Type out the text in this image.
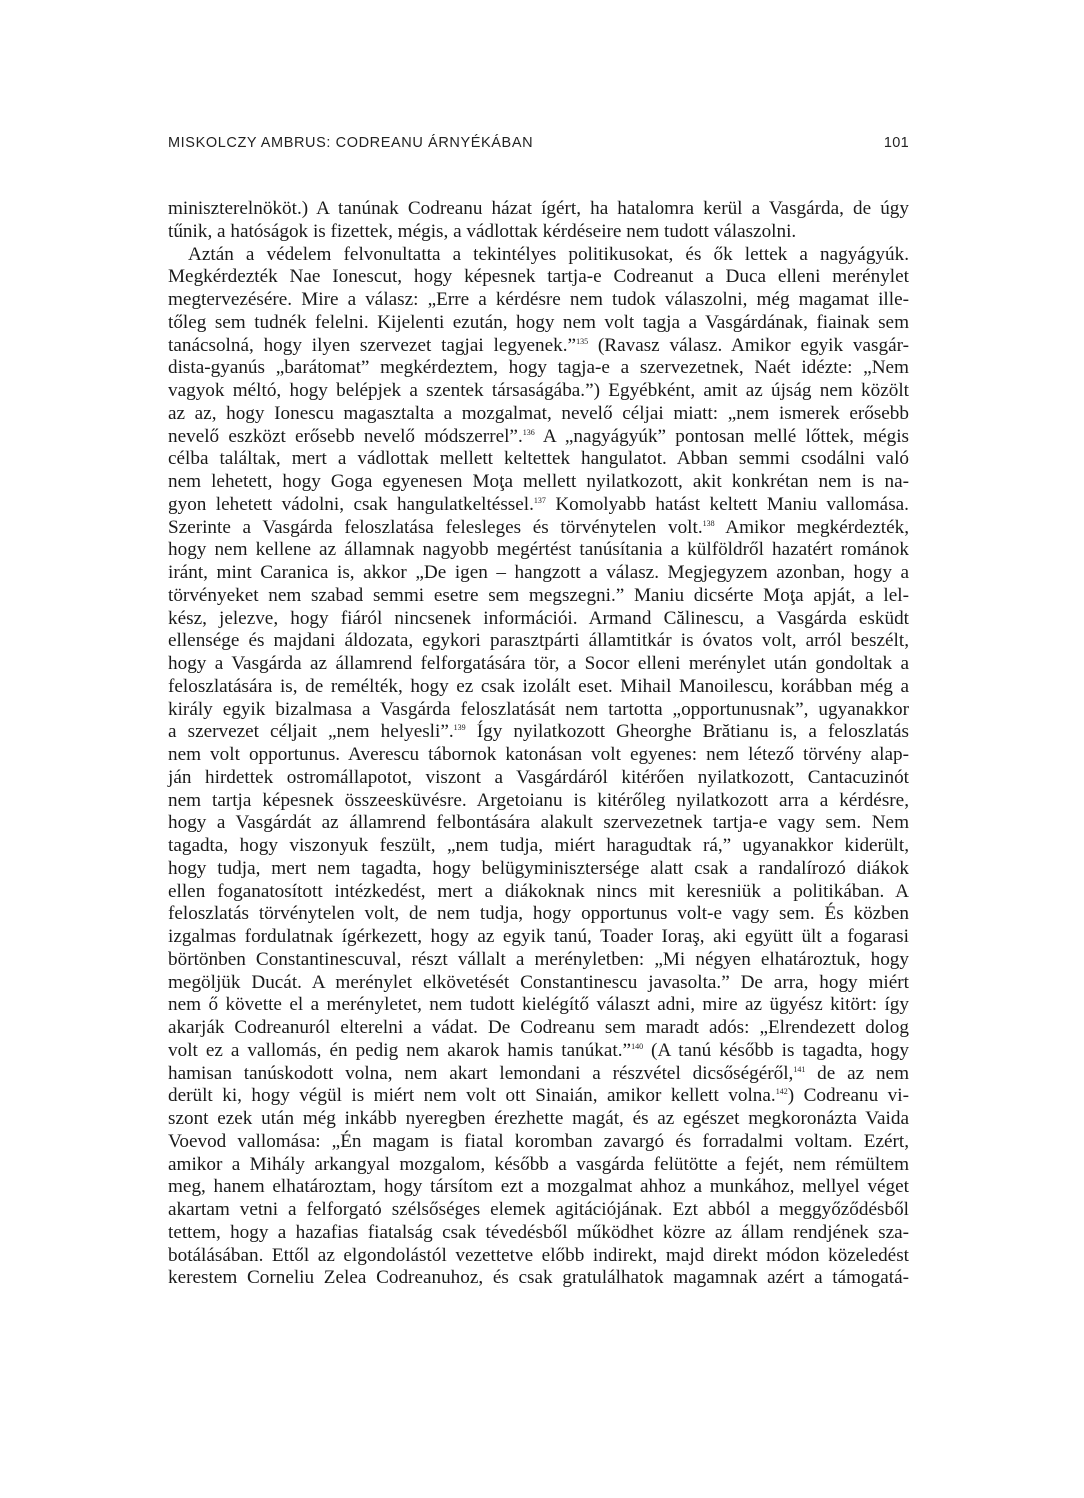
MISKOLCZY AMBRUS: CODREANU ÁRNYÉKÁBAN	101
miniszterelnököt.) A tanúnak Codreanu házat ígért, ha hatalomra kerül a Vasgárda, de úgy
tűnik, a hatóságok is fizettek, mégis, a vádlottak kérdéseire nem tudott válaszolni.
Aztán a védelem felvonultatta a tekintélyes politikusokat, és ők lettek a nagyágyúk.
Megkérdezték Nae Ionescut, hogy képesnek tartja-e Codreanut a Duca elleni merénylet
megtervezésére. Mire a válasz: „Erre a kérdésre nem tudok válaszolni, még magamat ille-
tőleg sem tudnék felelni. Kijelenti ezután, hogy nem volt tagja a Vasgárdának, fiainak sem
tanácsolná, hogy ilyen szervezet tagjai legyenek.”$^{135}$ (Ravasz válasz. Amikor egyik vasgár-
dista-gyanús „barátomat” megkérdeztem, hogy tagja-e a szervezetnek, Naét idézte: „Nem
vagyok méltó, hogy belépjek a szentek társaságába.”) Egyébként, amit az újság nem közölt
az az, hogy Ionescu magasztalta a mozgalmat, nevelő céljai miatt: „nem ismerek erősebb
nevelő eszközt erősebb nevelő módszerrel”.$^{136}$ A „nagyágyúk” pontosan mellé lőttek, mégis
célba találtak, mert a vádlottak mellett keltettek hangulatot. Abban semmi csodálni való
nem lehetett, hogy Goga egyenesen Moţa mellett nyilatkozott, akit konkrétan nem is na-
gyon lehetett vádolni, csak hangulatkeltéssel.$^{137}$ Komolyabb hatást keltett Maniu vallomása.
Szerinte a Vasgárda feloszlatása felesleges és törvénytelen volt.$^{138}$ Amikor megkérdezték,
hogy nem kellene az államnak nagyobb megértést tanúsítania a külföldről hazatért románok
iránt, mint Caranica is, akkor „De igen – hangzott a válasz. Megjegyzem azonban, hogy a
törvényeket nem szabad semmi esetre sem megszegni.” Maniu dicsérte Moţa apját, a lel-
kész, jelezve, hogy fiáról nincsenek információi. Armand Călinescu, a Vasgárda esküdt
ellensége és majdani áldozata, egykori parasztpárti államtitkár is óvatos volt, arról beszélt,
hogy a Vasgárda az államrend felforgatására tör, a Socor elleni merénylet után gondoltak a
feloszlatására is, de remélték, hogy ez csak izolált eset. Mihail Manoilescu, korábban még a
király egyik bizalmasa a Vasgárda feloszlatását nem tartotta „opportunusnak”, ugyanakkor
a szervezet céljait „nem helyesli”.$^{139}$ Így nyilatkozott Gheorghe Brătianu is, a feloszlatás
nem volt opportunus. Averescu tábornok katonásan volt egyenes: nem létező törvény alap-
ján hirdettek ostromállapotot, viszont a Vasgárdáról kitérően nyilatkozott, Cantacuzinót
nem tartja képesnek összeesküvésre. Argetoianu is kitérőleg nyilatkozott arra a kérdésre,
hogy a Vasgárdát az államrend felbontására alakult szervezetnek tartja-e vagy sem. Nem
tagadta, hogy viszonyuk feszült, „nem tudja, miért haragudtak rá,” ugyanakkor kiderült,
hogy tudja, mert nem tagadta, hogy belügyminisztersége alatt csak a randalírozó diákok
ellen foganatosított intézkedést, mert a diákoknak nincs mit keresniük a politikában. A
feloszlatás törvénytelen volt, de nem tudja, hogy opportunus volt-e vagy sem. És közben
izgalmas fordulatnak ígérkezett, hogy az egyik tanú, Toader Ioraş, aki együtt ült a fogarasi
börtönben Constantinescuval, részt vállalt a merényletben: „Mi négyen elhatároztuk, hogy
megöljük Ducát. A merénylet elkövetését Constantinescu javasolta.” De arra, hogy miért
nem ő követte el a merényletet, nem tudott kielégítő választ adni, mire az ügyész kitört: így
akarják Codreanuról elterelni a vádat. De Codreanu sem maradt adós: „Elrendezett dolog
volt ez a vallomás, én pedig nem akarok hamis tanúkat.”$^{140}$ (A tanú később is tagadta, hogy
hamisan tanúskodott volna, nem akart lemondani a részvétel dicsőségéről,$^{141}$ de az nem
derült ki, hogy végül is miért nem volt ott Sinaián, amikor kellett volna.$^{142}$) Codreanu vi-
szont ezek után még inkább nyeregben érezhette magát, és az egészet megkoronázta Vaida
Voevod vallomása: „Én magam is fiatal koromban zavargó és forradalmi voltam. Ezért,
amikor a Mihály arkangyal mozgalom, később a vasgárda felütötte a fejét, nem rémültem
meg, hanem elhatároztam, hogy társítom ezt a mozgalmat ahhoz a munkához, mellyel véget
akartam vetni a felforgató szélsőséges elemek agitációjának. Ezt abból a meggyőződésből
tettem, hogy a hazafias fiatalság csak tévedésből működhet közre az állam rendjének sza-
botálásában. Ettől az elgondolástól vezettetve előbb indirekt, majd direkt módon közeledést
kerestem Corneliu Zelea Codreanuhoz, és csak gratulálhatok magamnak azért a támogatá-
